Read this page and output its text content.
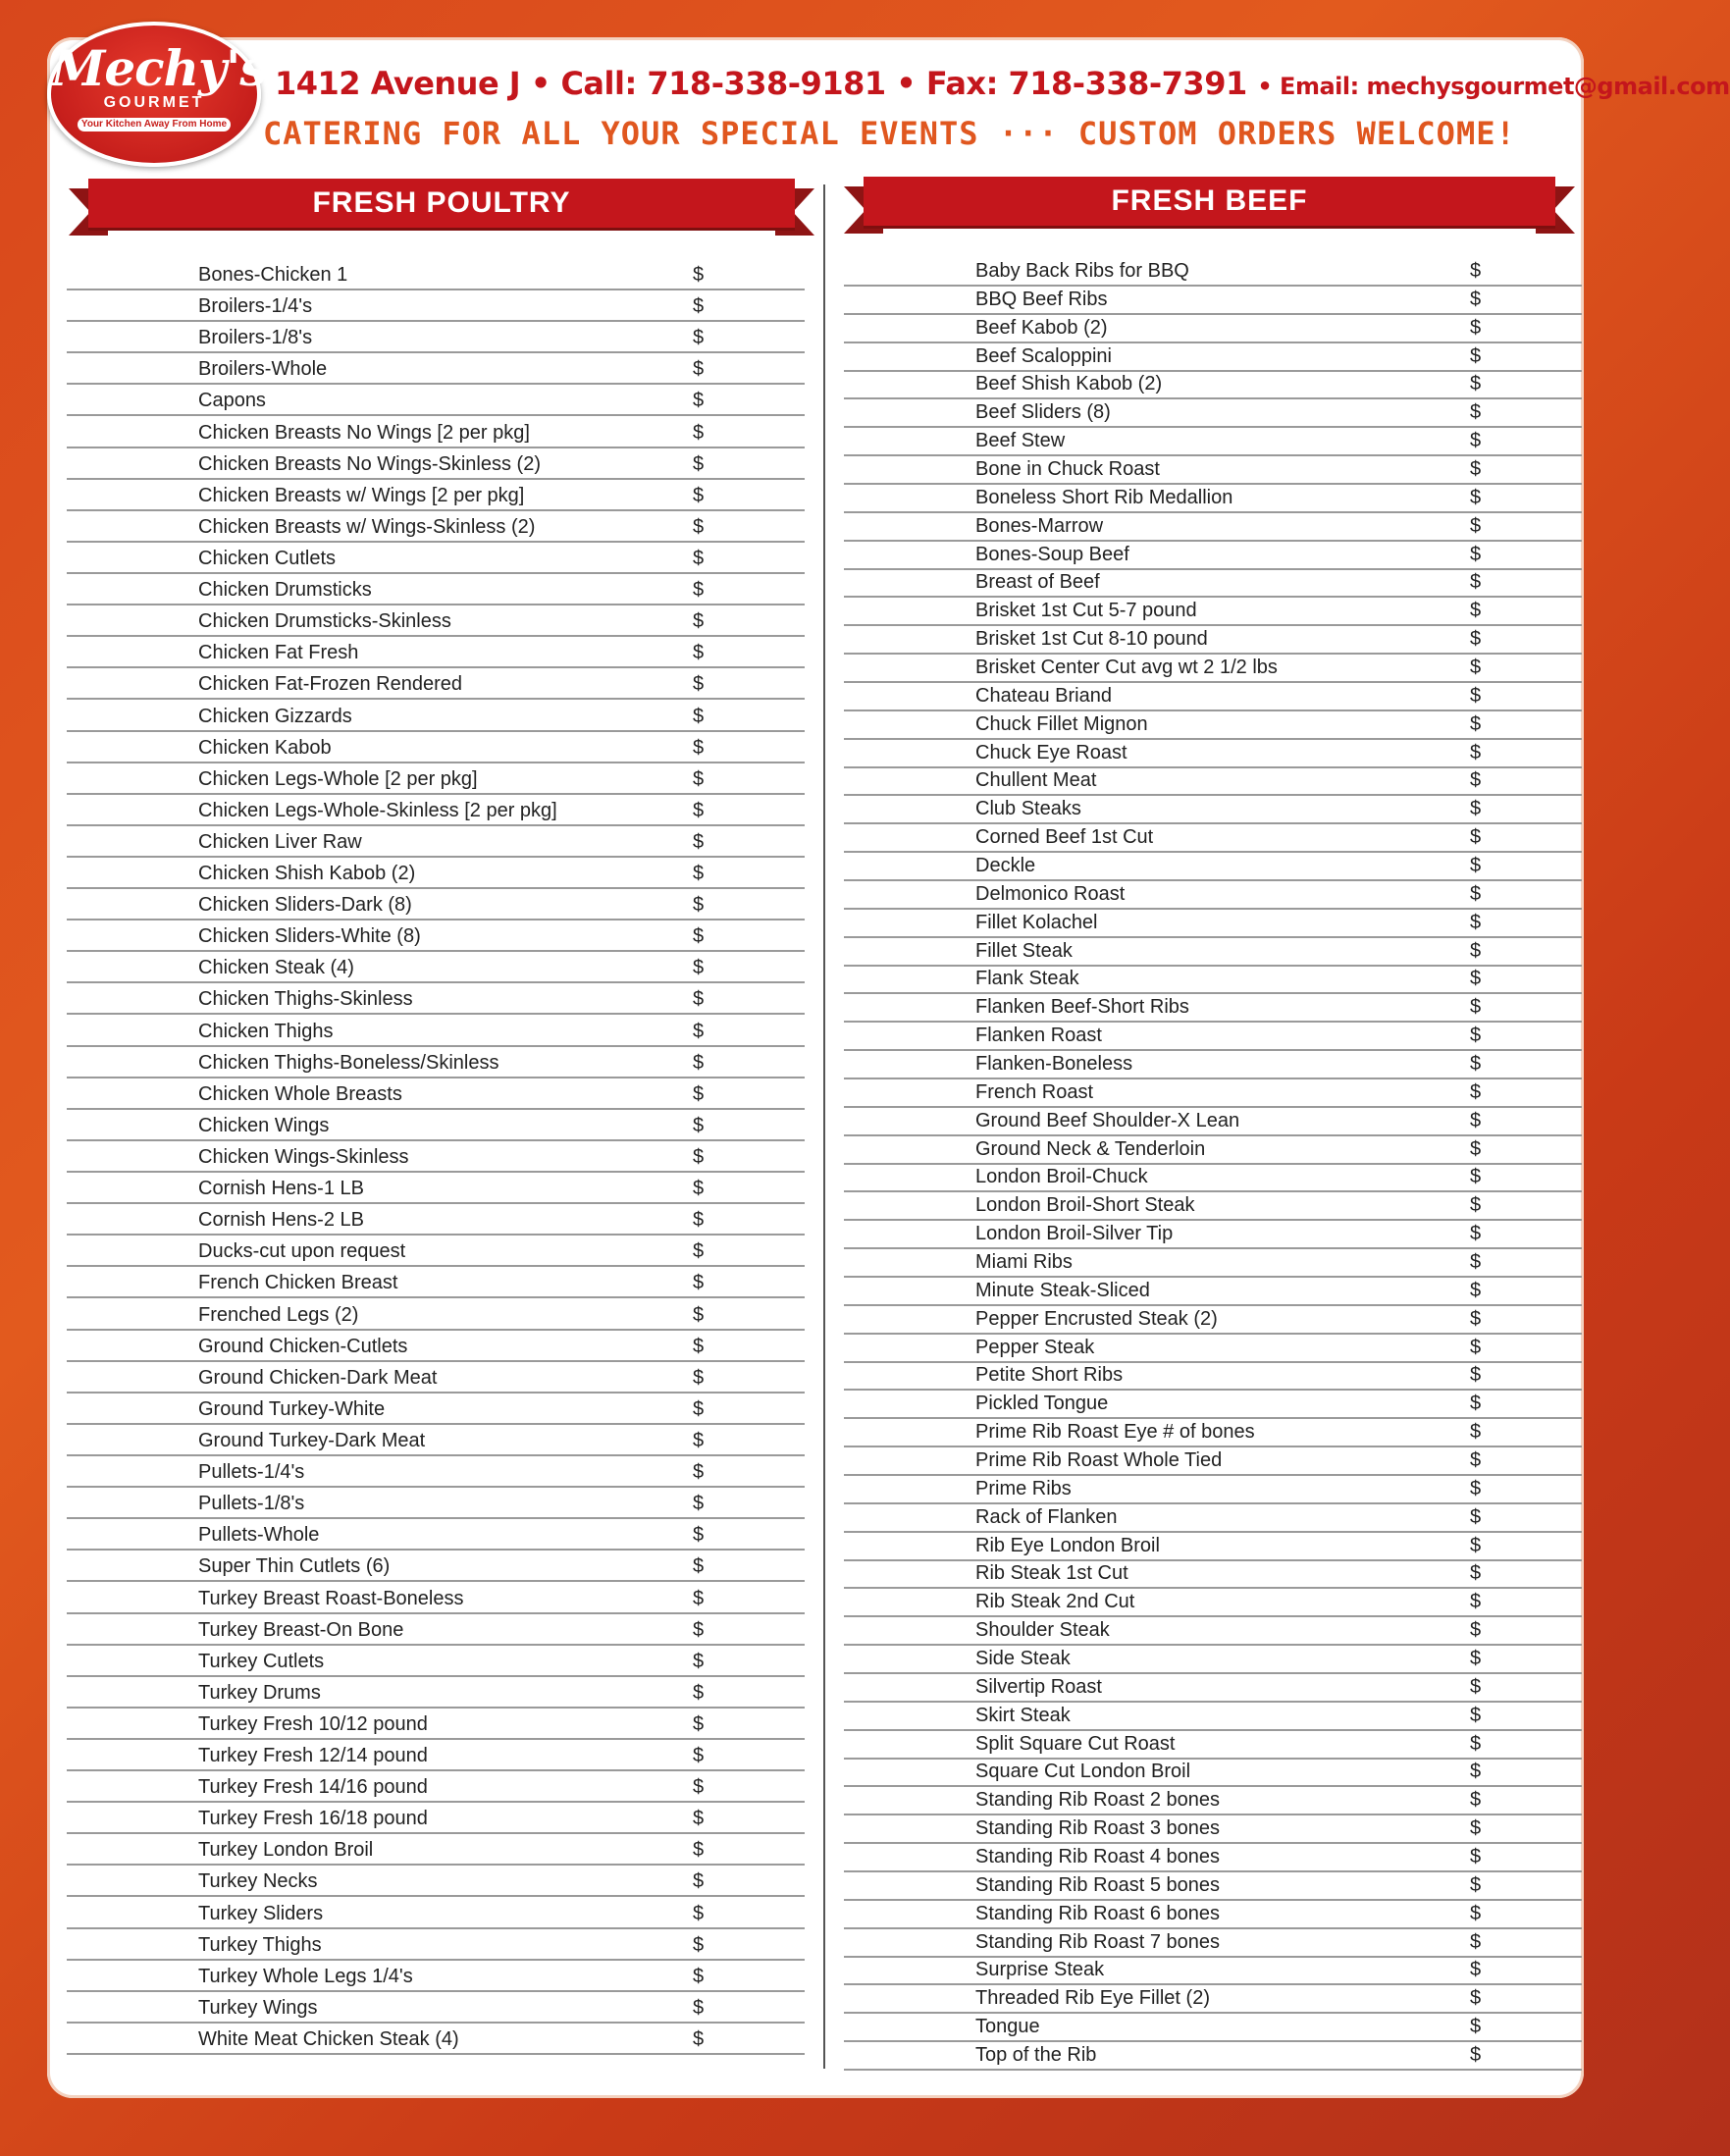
Mechy's
GOURMET
Your Kitchen Away From Home
1412 Avenue J • Call: 718-338-9181 • Fax: 718-338-7391 • Email: mechysgourmet@gmail.com
CATERING FOR ALL YOUR SPECIAL EVENTS ··· CUSTOM ORDERS WELCOME!
FRESH POULTRY	FRESH BEEF
Bones-Chicken 1	$
Broilers-1/4's	$
Broilers-1/8's	$
Broilers-Whole	$
Capons	$
Chicken Breasts No Wings [2 per pkg]	$
Chicken Breasts No Wings-Skinless (2)	$
Chicken Breasts w/ Wings [2 per pkg]	$
Chicken Breasts w/ Wings-Skinless (2)	$
Chicken Cutlets	$
Chicken Drumsticks	$
Chicken Drumsticks-Skinless	$
Chicken Fat Fresh	$
Chicken Fat-Frozen Rendered	$
Chicken Gizzards	$
Chicken Kabob	$
Chicken Legs-Whole [2 per pkg]	$
Chicken Legs-Whole-Skinless [2 per pkg]	$
Chicken Liver Raw	$
Chicken Shish Kabob (2)	$
Chicken Sliders-Dark (8)	$
Chicken Sliders-White (8)	$
Chicken Steak (4)	$
Chicken Thighs-Skinless	$
Chicken Thighs	$
Chicken Thighs-Boneless/Skinless	$
Chicken Whole Breasts	$
Chicken Wings	$
Chicken Wings-Skinless	$
Cornish Hens-1 LB	$
Cornish Hens-2 LB	$
Ducks-cut upon request	$
French Chicken Breast	$
Frenched Legs (2)	$
Ground Chicken-Cutlets	$
Ground Chicken-Dark Meat	$
Ground Turkey-White	$
Ground Turkey-Dark Meat	$
Pullets-1/4's	$
Pullets-1/8's	$
Pullets-Whole	$
Super Thin Cutlets (6)	$
Turkey Breast Roast-Boneless	$
Turkey Breast-On Bone	$
Turkey Cutlets	$
Turkey Drums	$
Turkey Fresh 10/12 pound	$
Turkey Fresh 12/14 pound	$
Turkey Fresh 14/16 pound	$
Turkey Fresh 16/18 pound	$
Turkey London Broil	$
Turkey Necks	$
Turkey Sliders	$
Turkey Thighs	$
Turkey Whole Legs 1/4's	$
Turkey Wings	$
White Meat Chicken Steak (4)	$
Baby Back Ribs for BBQ	$
BBQ Beef Ribs	$
Beef Kabob (2)	$
Beef Scaloppini	$
Beef Shish Kabob (2)	$
Beef Sliders (8)	$
Beef Stew	$
Bone in Chuck Roast	$
Boneless Short Rib Medallion	$
Bones-Marrow	$
Bones-Soup Beef	$
Breast of Beef	$
Brisket 1st Cut 5-7 pound	$
Brisket 1st Cut 8-10 pound	$
Brisket Center Cut avg wt 2 1/2 lbs	$
Chateau Briand	$
Chuck Fillet Mignon	$
Chuck Eye Roast	$
Chullent Meat	$
Club Steaks	$
Corned Beef 1st Cut	$
Deckle	$
Delmonico Roast	$
Fillet Kolachel	$
Fillet Steak	$
Flank Steak	$
Flanken Beef-Short Ribs	$
Flanken Roast	$
Flanken-Boneless	$
French Roast	$
Ground Beef Shoulder-X Lean	$
Ground Neck & Tenderloin	$
London Broil-Chuck	$
London Broil-Short Steak	$
London Broil-Silver Tip	$
Miami Ribs	$
Minute Steak-Sliced	$
Pepper Encrusted Steak (2)	$
Pepper Steak	$
Petite Short Ribs	$
Pickled Tongue	$
Prime Rib Roast Eye # of bones	$
Prime Rib Roast Whole Tied	$
Prime Ribs	$
Rack of Flanken	$
Rib Eye London Broil	$
Rib Steak 1st Cut	$
Rib Steak 2nd Cut	$
Shoulder Steak	$
Side Steak	$
Silvertip Roast	$
Skirt Steak	$
Split Square Cut Roast	$
Square Cut London Broil	$
Standing Rib Roast 2 bones	$
Standing Rib Roast 3 bones	$
Standing Rib Roast 4 bones	$
Standing Rib Roast 5 bones	$
Standing Rib Roast 6 bones	$
Standing Rib Roast 7 bones	$
Surprise Steak	$
Threaded Rib Eye Fillet (2)	$
Tongue	$
Top of the Rib	$
